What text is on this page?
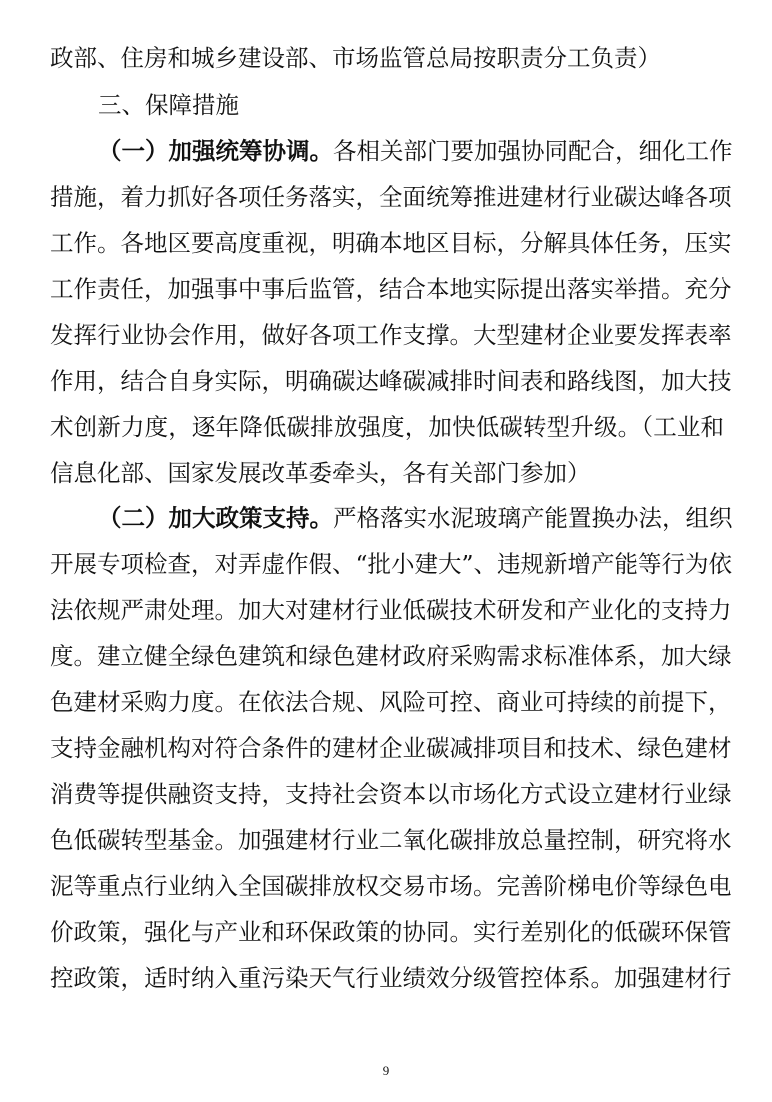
政部、住房和城乡建设部、市场监管总局按职责分工负责）
三、保障措施
（一）加强统筹协调。各相关部门要加强协同配合，细化工作
措施，着力抓好各项任务落实，全面统筹推进建材行业碳达峰各项
工作。各地区要高度重视，明确本地区目标，分解具体任务，压实
工作责任，加强事中事后监管，结合本地实际提出落实举措。充分
发挥行业协会作用，做好各项工作支撑。大型建材企业要发挥表率
作用，结合自身实际，明确碳达峰碳减排时间表和路线图，加大技
术创新力度，逐年降低碳排放强度，加快低碳转型升级。（工业和
信息化部、国家发展改革委牵头，各有关部门参加）
（二）加大政策支持。严格落实水泥玻璃产能置换办法，组织
开展专项检查，对弄虚作假、“批小建大”、违规新增产能等行为依
法依规严肃处理。加大对建材行业低碳技术研发和产业化的支持力
度。建立健全绿色建筑和绿色建材政府采购需求标准体系，加大绿
色建材采购力度。在依法合规、风险可控、商业可持续的前提下，
支持金融机构对符合条件的建材企业碳减排项目和技术、绿色建材
消费等提供融资支持，支持社会资本以市场化方式设立建材行业绿
色低碳转型基金。加强建材行业二氧化碳排放总量控制，研究将水
泥等重点行业纳入全国碳排放权交易市场。完善阶梯电价等绿色电
价政策，强化与产业和环保政策的协同。实行差别化的低碳环保管
控政策，适时纳入重污染天气行业绩效分级管控体系。加强建材行
9
